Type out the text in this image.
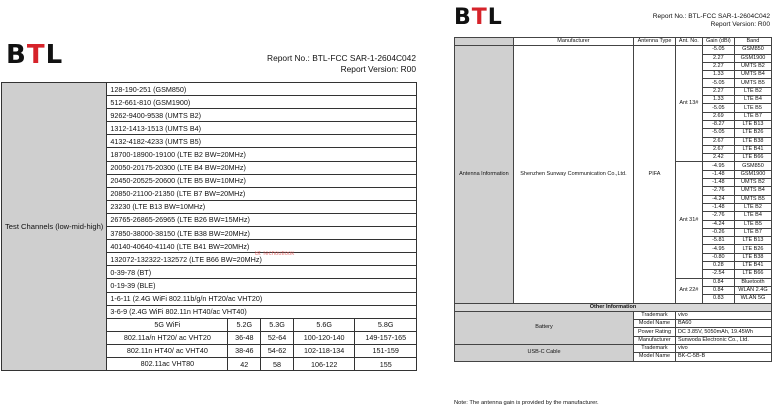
BTL	Report No.: BTL-FCC SAR-1-2604C042
Report Version: R00
Test Channels (low-mid-high)	128-190-251 (GSM850)				
	512-661-810 (GSM1900)				
	9262-9400-9538 (UMTS B2)				
	1312-1413-1513 (UMTS B4)				
	4132-4182-4233 (UMTS B5)				
	18700-18900-19100 (LTE B2 BW=20MHz)				
	20050-20175-20300 (LTE B4 BW=20MHz)				
	20450-20525-20600 (LTE B5 BW=10MHz)				
	20850-21100-21350 (LTE B7 BW=20MHz)				
	23230 (LTE B13 BW=10MHz)				
	26765-26865-26965 (LTE B26 BW=15MHz)				
	37850-38000-38150 (LTE B38 BW=20MHz)				
	40140-40640-41140 (LTE B41 BW=20MHz)				
	132072-132322-132572 (LTE B66 BW=20MHz)				
	0-39-78 (BT)				
	0-19-39 (BLE)				
	1-6-11 (2.4G WiFi 802.11b/g/n HT20/ac VHT20)				
	3-6-9 (2.4G WiFi 802.11n HT40/ac VHT40)				
	5G WiFi	5.2G	5.3G	5.6G	5.8G
	802.11a/n HT20/ ac VHT20	36-48	52-64	100-120-140	149-157-165
	802.11n HT40/ ac VHT40	38-46	54-62	102-118-134	151-159
	802.11ac VHT80	42	58	106-122	155
Bt Techoutlook
BTL	Report No.: BTL-FCC SAR-1-2604C042
Report Version: R00
	Manufacturer	Antenna Type	Ant. No.	Gain (dBi)	Band
Antenna Information	Shenzhen Sunway Communication Co.,Ltd.	PIFA	Ant 13#	-5.05	GSM850
				2.27	GSM1900
				2.27	UMTS B2
				1.33	UMTS B4
				-5.05	UMTS B5
				2.27	LTE B2
				1.33	LTE B4
				-5.05	LTE B5
				2.69	LTE B7
				-8.27	LTE B13
				-5.05	LTE B26
				2.67	LTE B38
				2.67	LTE B41
				2.42	LTE B66
			Ant 31#	-4.95	GSM850
				-1.48	GSM1900
				-1.48	UMTS B2
				-2.76	UMTS B4
				-4.24	UMTS B5
				-1.48	LTE B2
				-2.76	LTE B4
				-4.24	LTE B5
				-0.26	LTE B7
				-5.81	LTE B13
				-4.95	LTE B26
				-0.80	LTE B38
				0.28	LTE B41
				-2.54	LTE B66
			Ant 22#	0.84	Bluetooth
				0.84	WLAN 2.4G
				0.83	WLAN 5G
Other Information					
Battery		Trademark	vivo		
		Model Name	BA60		
		Power Rating	DC 3.85V, 5050mAh, 19.45Wh		
		Manufacturer	Sunwoda Electronic Co., Ltd.		
USB-C Cable		Trademark	vivo		
		Model Name	BK-C-5B-B		
Note: The antenna gain is provided by the manufacturer.
